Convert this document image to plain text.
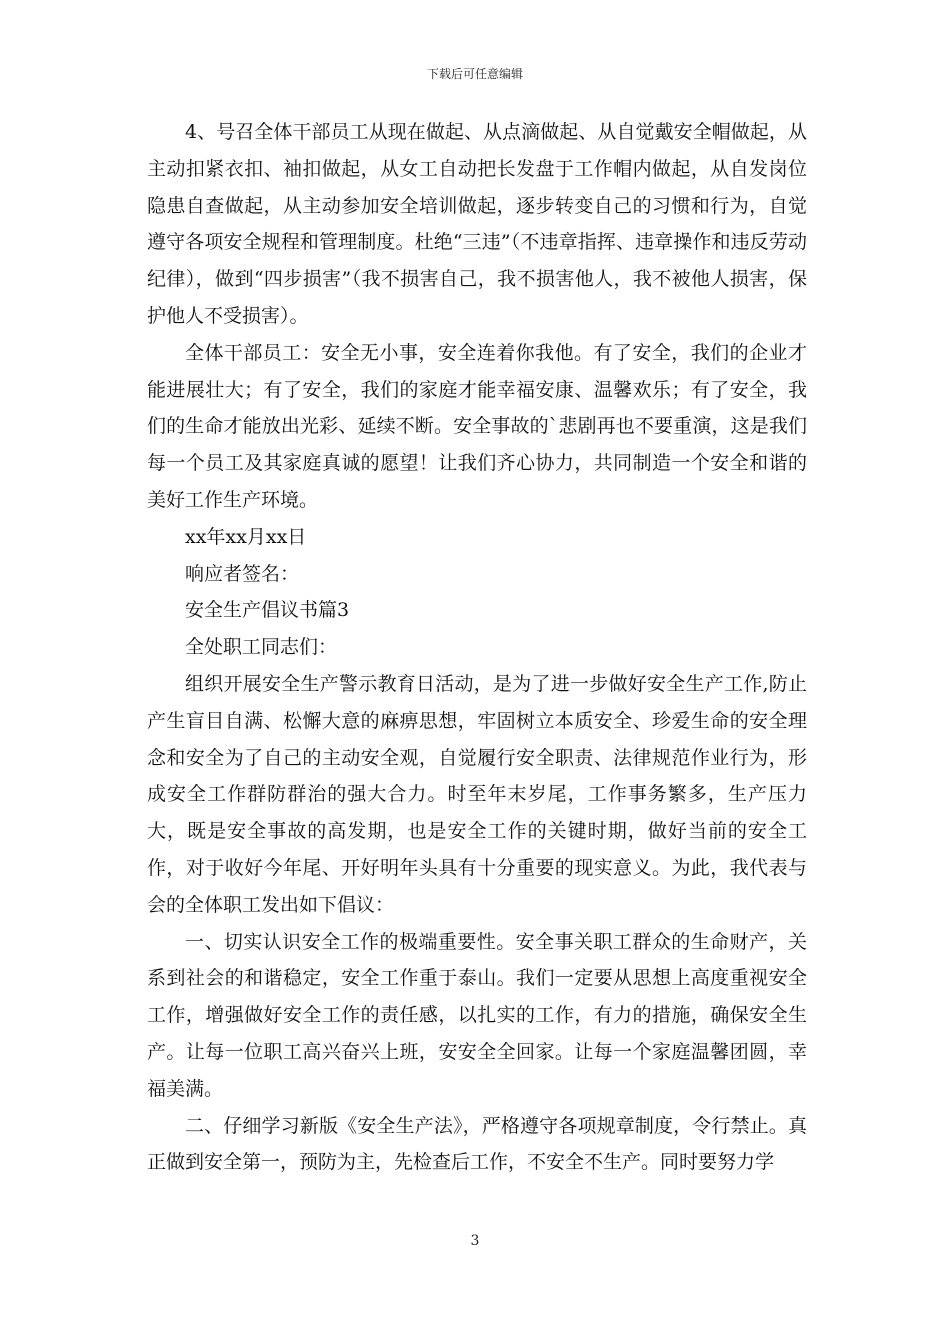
下载后可任意编辑

4、号召全体干部员工从现在做起、从点滴做起、从自觉戴安全帽做起，从主动扣紧衣扣、袖扣做起，从女工自动把长发盘于工作帽内做起，从自发岗位隐患自查做起，从主动参加安全培训做起，逐步转变自己的习惯和行为，自觉遵守各项安全规程和管理制度。杜绝“三违”（不违章指挥、违章操作和违反劳动纪律），做到“四步损害”（我不损害自己，我不损害他人，我不被他人损害，保护他人不受损害）。

全体干部员工：安全无小事，安全连着你我他。有了安全，我们的企业才能进展壮大；有了安全，我们的家庭才能幸福安康、温馨欢乐；有了安全，我们的生命才能放出光彩、延续不断。安全事故的`悲剧再也不要重演，这是我们每一个员工及其家庭真诚的愿望！让我们齐心协力，共同制造一个安全和谐的美好工作生产环境。

xx年xx月xx日

响应者签名：

安全生产倡议书篇3

全处职工同志们：

组织开展安全生产警示教育日活动，是为了进一步做好安全生产工作,防止产生盲目自满、松懈大意的麻痹思想，牢固树立本质安全、珍爱生命的安全理念和安全为了自己的主动安全观，自觉履行安全职责、法律规范作业行为，形成安全工作群防群治的强大合力。时至年末岁尾，工作事务繁多，生产压力大，既是安全事故的高发期，也是安全工作的关键时期，做好当前的安全工作，对于收好今年尾、开好明年头具有十分重要的现实意义。为此，我代表与会的全体职工发出如下倡议：

一、切实认识安全工作的极端重要性。安全事关职工群众的生命财产，关系到社会的和谐稳定，安全工作重于泰山。我们一定要从思想上高度重视安全工作，增强做好安全工作的责任感，以扎实的工作，有力的措施，确保安全生产。让每一位职工高兴奋兴上班，安安全全回家。让每一个家庭温馨团圆，幸福美满。

二、仔细学习新版《安全生产法》，严格遵守各项规章制度，令行禁止。真正做到安全第一，预防为主，先检查后工作，不安全不生产。同时要努力学

3
